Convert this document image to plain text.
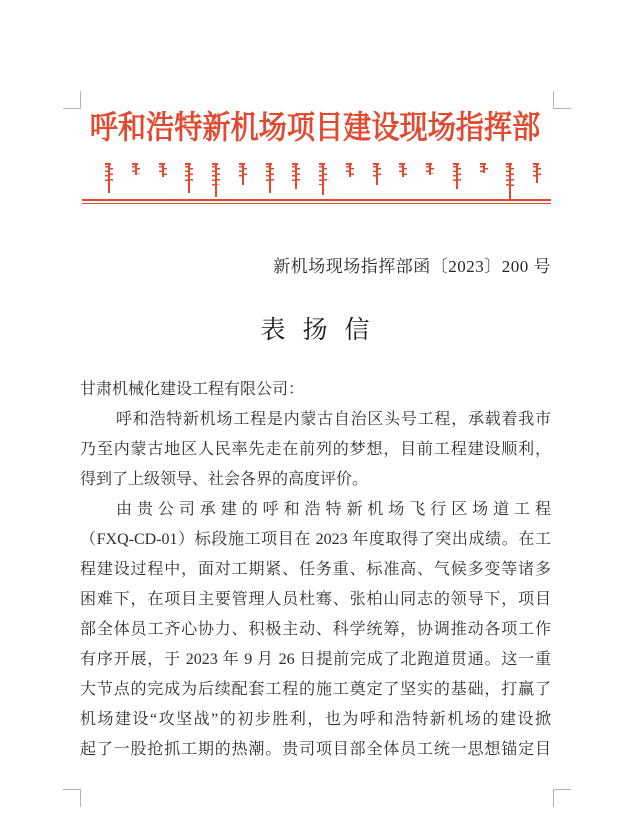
呼和浩特新机场项目建设现场指挥部
新机场现场指挥部函〔2023〕200 号
表 扬 信
甘肃机械化建设工程有限公司：
呼和浩特新机场工程是内蒙古自治区头号工程，承载着我市
乃至内蒙古地区人民率先走在前列的梦想，目前工程建设顺利，
得到了上级领导、社会各界的高度评价。
由贵公司承建的呼和浩特新机场飞行区场道工程
（FXQ-CD-01）标段施工项目在 2023 年度取得了突出成绩。在工
程建设过程中，面对工期紧、任务重、标准高、气候多变等诸多
困难下，在项目主要管理人员杜骞、张柏山同志的领导下，项目
部全体员工齐心协力、积极主动、科学统筹，协调推动各项工作
有序开展，于 2023 年 9 月 26 日提前完成了北跑道贯通。这一重
大节点的完成为后续配套工程的施工奠定了坚实的基础，打赢了
机场建设“攻坚战”的初步胜利，也为呼和浩特新机场的建设掀
起了一股抢抓工期的热潮。贵司项目部全体员工统一思想锚定目
